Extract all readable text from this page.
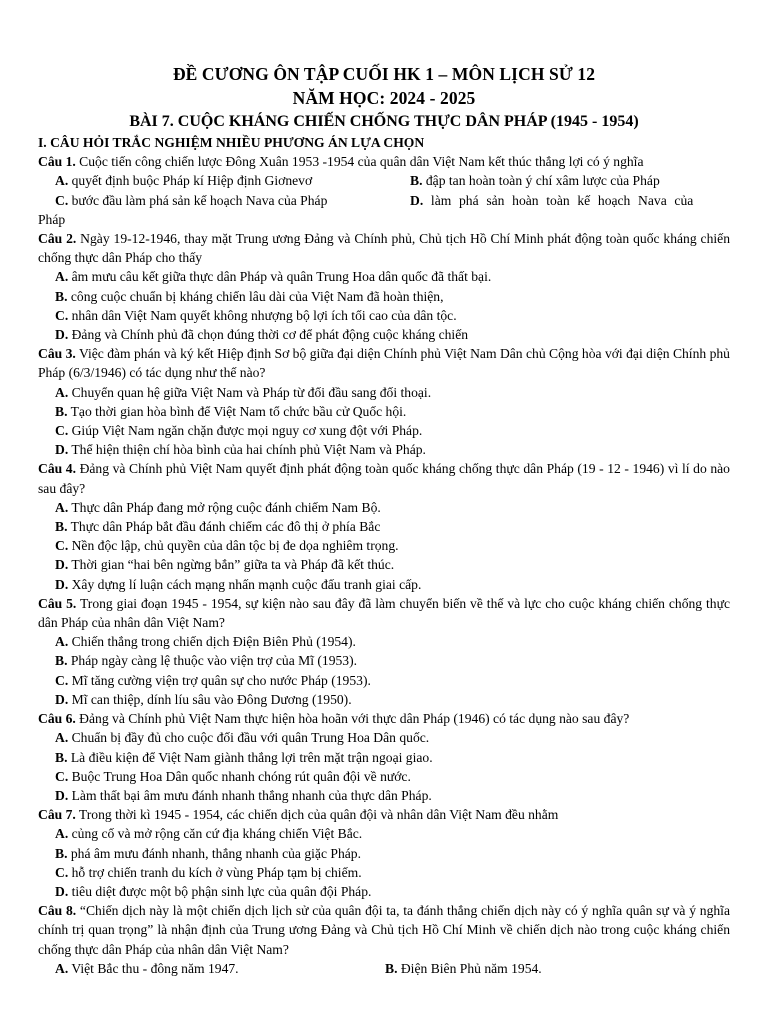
ĐỀ CƯƠNG ÔN TẬP CUỐI HK 1 – MÔN LỊCH SỬ 12
NĂM HỌC: 2024 - 2025
BÀI 7. CUỘC KHÁNG CHIẾN CHỐNG THỰC DÂN PHÁP (1945 - 1954)
I. CÂU HỎI TRẮC NGHIỆM NHIỀU PHƯƠNG ÁN LỰA CHỌN
Câu 1. Cuộc tiến công chiến lược Đông Xuân 1953 -1954 của quân dân Việt Nam kết thúc thắng lợi có ý nghĩa
A. quyết định buộc Pháp kí Hiệp định Giơnevơ	B. đập tan hoàn toàn ý chí xâm lược của Pháp
C. bước đầu làm phá sản kế hoạch Nava của Pháp	D. làm phá sản hoàn toàn kế hoạch Nava của
Pháp
Câu 2. Ngày 19-12-1946, thay mặt Trung ương Đảng và Chính phủ, Chủ tịch Hồ Chí Minh phát động toàn quốc kháng chiến chống thực dân Pháp cho thấy
A. âm mưu câu kết giữa thực dân Pháp và quân Trung Hoa dân quốc đã thất bại.
B. công cuộc chuẩn bị kháng chiến lâu dài của Việt Nam đã hoàn thiện,
C. nhân dân Việt Nam quyết không nhượng bộ lợi ích tối cao của dân tộc.
D. Đảng và Chính phủ đã chọn đúng thời cơ để phát động cuộc kháng chiến
Câu 3. Việc đàm phán và ký kết Hiệp định Sơ bộ giữa đại diện Chính phủ Việt Nam Dân chủ Cộng hòa với đại diện Chính phủ Pháp (6/3/1946) có tác dụng như thế nào?
A. Chuyển quan hệ giữa Việt Nam và Pháp từ đối đầu sang đối thoại.
B. Tạo thời gian hòa bình để Việt Nam tổ chức bầu cử Quốc hội.
C. Giúp Việt Nam ngăn chặn được mọi nguy cơ xung đột với Pháp.
D. Thể hiện thiện chí hòa bình của hai chính phủ Việt Nam và Pháp.
Câu 4. Đảng và Chính phủ Việt Nam quyết định phát động toàn quốc kháng chống thực dân Pháp (19 - 12 - 1946) vì lí do nào sau đây?
A. Thực dân Pháp đang mở rộng cuộc đánh chiếm Nam Bộ.
B. Thực dân Pháp bắt đầu đánh chiếm các đô thị ở phía Bắc
C. Nền độc lập, chủ quyền của dân tộc bị đe dọa nghiêm trọng.
D. Thời gian “hai bên ngừng bắn” giữa ta và Pháp đã kết thúc.
D. Xây dựng lí luận cách mạng nhấn mạnh cuộc đấu tranh giai cấp.
Câu 5. Trong giai đoạn 1945 - 1954, sự kiện nào sau đây đã làm chuyển biến về thế và lực cho cuộc kháng chiến chống thực dân Pháp của nhân dân Việt Nam?
A. Chiến thắng trong chiến dịch Điện Biên Phủ (1954).
B. Pháp ngày càng lệ thuộc vào viện trợ của Mĩ (1953).
C. Mĩ tăng cường viện trợ quân sự cho nước Pháp (1953).
D. Mĩ can thiệp, dính líu sâu vào Đông Dương (1950).
Câu 6. Đảng và Chính phủ Việt Nam thực hiện hòa hoãn với thực dân Pháp (1946) có tác dụng nào sau đây?
A. Chuẩn bị đầy đủ cho cuộc đối đầu với quân Trung Hoa Dân quốc.
B. Là điều kiện để Việt Nam giành thắng lợi trên mặt trận ngoại giao.
C. Buộc Trung Hoa Dân quốc nhanh chóng rút quân đội về nước.
D. Làm thất bại âm mưu đánh nhanh thắng nhanh của thực dân Pháp.
Câu 7. Trong thời kì 1945 - 1954, các chiến dịch của quân đội và nhân dân Việt Nam đều nhằm
A. củng cố và mở rộng căn cứ địa kháng chiến Việt Bắc.
B. phá âm mưu đánh nhanh, thắng nhanh của giặc Pháp.
C. hỗ trợ chiến tranh du kích ở vùng Pháp tạm bị chiếm.
D. tiêu diệt được một bộ phận sinh lực của quân đội Pháp.
Câu 8. “Chiến dịch này là một chiến dịch lịch sử của quân đội ta, ta đánh thắng chiến dịch này có ý nghĩa quân sự và ý nghĩa chính trị quan trọng” là nhận định của Trung ương Đảng và Chủ tịch Hồ Chí Minh về chiến dịch nào trong cuộc kháng chiến chống thực dân Pháp của nhân dân Việt Nam?
A. Việt Bắc thu - đông năm 1947.	B. Điện Biên Phủ năm 1954.
